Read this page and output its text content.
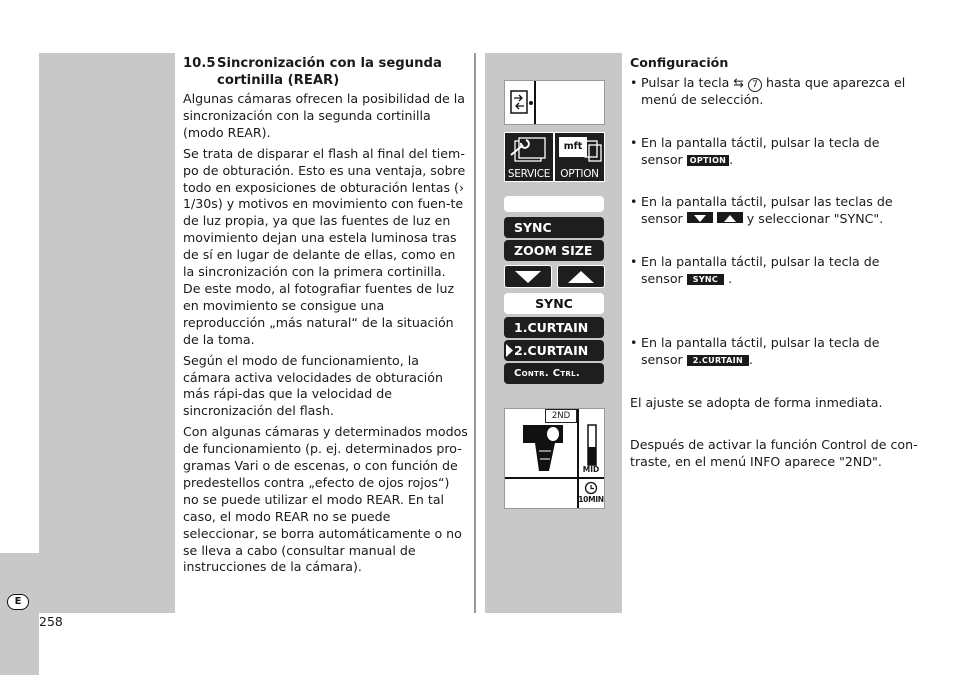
E
258
10.5Sincronización con la segunda
cortinilla (REAR)

Algunas cámaras ofrecen la posibilidad de la sincronización con la segunda cortinilla (modo REAR).

Se trata de disparar el flash al final del tiem-po de obturación. Esto es una ventaja, sobre todo en exposiciones de obturación lentas (› 1/30s) y motivos en movimiento con fuen-te de luz propia, ya que las fuentes de luz en movimiento dejan una estela luminosa tras de sí en lugar de delante de ellas, como en la sincronización con la primera cortinilla.

De este modo, al fotografiar fuentes de luz en movimiento se consigue una reproducción „más natural“ de la situación de la toma.

Según el modo de funcionamiento, la cámara activa velocidades de obturación más rápi-das que la velocidad de sincronización del flash.

Con algunas cámaras y determinados modos de funcionamiento (p. ej. determinados pro-gramas Vari o de escenas, o con función de predestellos contra „efecto de ojos rojos“) no se puede utilizar el modo REAR. En tal caso, el modo REAR no se puede seleccionar, se borra automáticamente o no se lleva a cabo (consultar manual de instrucciones de la cámara).

SERVICE
mft
OPTION
SYNC
ZOOM SIZE
SYNC
1.CURTAIN
2.CURTAIN
Contr. Ctrl.
2ND
MID
10MIN
Configuración
• Pulsar la tecla ⇆ 7 hasta que aparezca el menú de selección.
• En la pantalla táctil, pulsar la tecla de sensor OPTION .
• En la pantalla táctil, pulsar las teclas de sensor	y seleccionar "SYNC".
• En la pantalla táctil, pulsar la tecla de sensor SYNC .
• En la pantalla táctil, pulsar la tecla de sensor 2.CURTAIN .
El ajuste se adopta de forma inmediata.
Después de activar la función Control de con-traste, en el menú INFO aparece "2ND".
